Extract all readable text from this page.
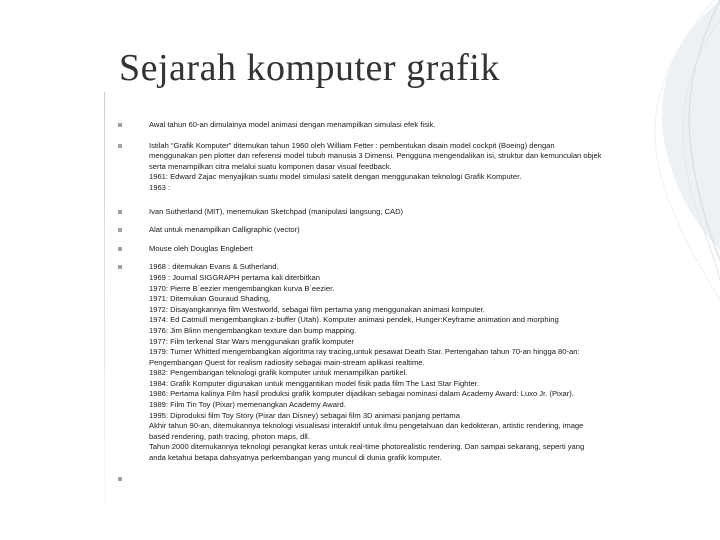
Sejarah komputer grafik
Awal tahun 60-an dimulainya model animasi dengan menampilkan simulasi efek fisik.
Istilah “Grafik Komputer” ditemukan tahun 1960 oleh William Fetter : pembentukan disain model cockpit (Boeing) dengan
menggunakan pen plotter dan referensi model tubuh manusia 3 Dimensi. Pengguna mengendalikan isi, struktur dan kemunculan objek
serta menampilkan citra melalui suatu komponen dasar visual feedback.
1961: Edward Zajac menyajikan suatu model simulasi satelit dengan menggunakan teknologi Grafik Komputer.
1963 :
Ivan Sutherland (MIT), menemukan Sketchpad (manipulasi langsung, CAD)
Alat untuk menampilkan Calligraphic (vector)
Mouse oleh Douglas Englebert
1968 : ditemukan Evans & Sutherland.
1969 : Journal SIGGRAPH pertama kali diterbitkan
1970: Pierre B´eezier mengembangkan kurva B´eezier.
1971: Ditemukan Gouraud Shading,
1972: Disayangkannya film Westworld, sebagai film pertama yang menggunakan animasi komputer.
1974: Ed Catmull mengembangkan z-buffer (Utah). Komputer animasi pendek, Hunger:Keyframe animation and morphing
1976: Jim Blinn mengembangkan texture dan bump mapping.
1977: Film terkenal Star Wars menggunakan grafik komputer
1979: Turner Whitted mengembangkan algoritma ray tracing,untuk pesawat Death Star. Pertengahan tahun 70-an hingga 80-an:
Pengembangan Quest for realism radiosity sebagai main-stream aplikasi realtime.
1982: Pengembangan teknologi grafik komputer untuk menampilkan partikel.
1984: Grafik Komputer digunakan untuk menggantikan model fisik pada film The Last Star Fighter.
1986: Pertama kalinya Film hasil produksi grafik komputer dijadikan sebagai nominasi dalam Academy Award: Luxo Jr. (Pixar).
1989: Film Tin Toy (Pixar) memenangkan Academy Award.
1995: Diproduksi film Toy Story (Pixar dan Disney) sebagai film 3D animasi panjang pertama
Akhir tahun 90-an, ditemukannya teknologi visualisasi interaktif untuk ilmu pengetahuan dan kedokteran, artistic rendering, image
based rendering, path tracing, photon maps, dll.
Tahun 2000 ditemukannya teknologi perangkat keras untuk real-time photorealistic rendering. Dan sampai sekarang, seperti yang
anda ketahui betapa dahsyatnya perkembangan yang muncul di dunia grafik komputer.
